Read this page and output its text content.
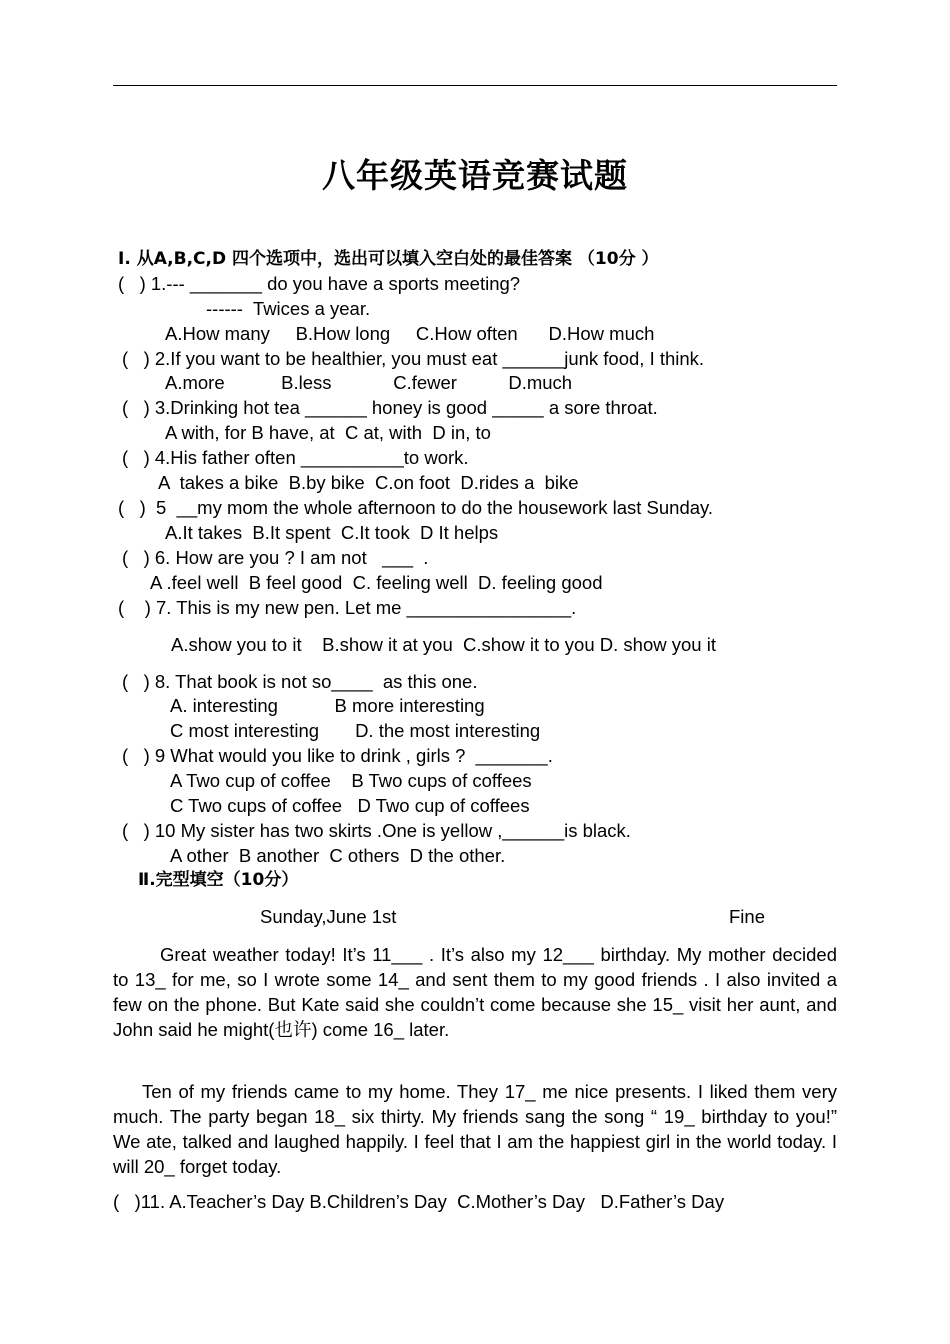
八年级英语竞赛试题
Ⅰ. 从A,B,C,D 四个选项中，选出可以填入空白处的最佳答案 （10分 ）
(   ) 1.--- _______ do you have a sports meeting?
------  Twices a year.
A.How many     B.How long     C.How often      D.How much
(   ) 2.If you want to be healthier, you must eat ______junk food, I think.
A.more           B.less            C.fewer          D.much
(   ) 3.Drinking hot tea ______ honey is good _____ a sore throat.
A with, for B have, at  C at, with  D in, to
(   ) 4.His father often __________to work.
A  takes a bike  B.by bike  C.on foot  D.rides a  bike
(   )  5  __my mom the whole afternoon to do the housework last Sunday.
A.It takes  B.It spent  C.It took  D It helps
(   ) 6. How are you ? I am not   ___  .
A .feel well  B feel good  C. feeling well  D. feeling good
(    ) 7. This is my new pen. Let me ________________.
A.show you to it    B.show it at you  C.show it to you D. show you it
(   ) 8. That book is not so____  as this one.
A. interesting           B more interesting
C most interesting       D. the most interesting
(   ) 9 What would you like to drink , girls ?  _______.
A Two cup of coffee    B Two cups of coffees
C Two cups of coffee   D Two cup of coffees
(   ) 10 My sister has two skirts .One is yellow ,______is black.
A other  B another  C others  D the other.
Ⅱ.完型填空（10分）
Sunday,June 1st	Fine
Great weather today! It’s 11___ . It’s also my 12___ birthday. My mother decided to 13_ for me, so I wrote some 14_ and sent them to my good friends . I also invited a few on the phone. But Kate said she couldn’t come because she 15_ visit her aunt, and John said he might(也许) come 16_ later.
Ten of my friends came to my home. They 17_ me nice presents. I liked them very much. The party began 18_ six thirty. My friends sang the song “ 19_ birthday to you!” We ate, talked and laughed happily. I feel that I am the happiest girl in the world today. I will 20_ forget today.
(   )11. A.Teacher’s Day B.Children’s Day  C.Mother’s Day   D.Father’s Day
